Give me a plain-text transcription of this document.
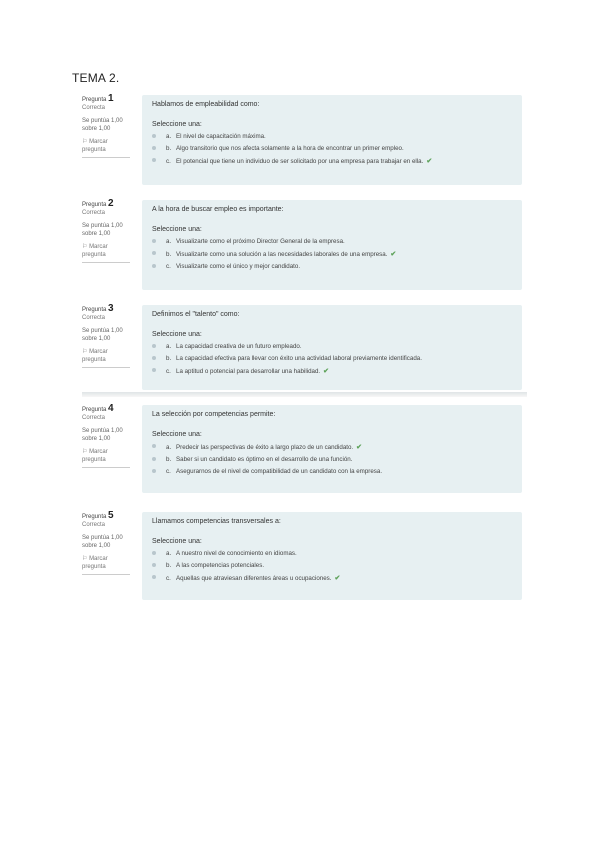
TEMA 2.
Pregunta 1
Correcta
Se puntúa 1,00 sobre 1,00
⚐ Marcar pregunta
Hablamos de empleabilidad como:
Seleccione una:
a. El nivel de capacitación máxima.
b. Algo transitorio que nos afecta solamente a la hora de encontrar un primer empleo.
c. El potencial que tiene un individuo de ser solicitado por una empresa para trabajar en ella. ✔
Pregunta 2
Correcta
Se puntúa 1,00 sobre 1,00
⚐ Marcar pregunta
A la hora de buscar empleo es importante:
Seleccione una:
a. Visualizarte como el próximo Director General de la empresa.
b. Visualizarte como una solución a las necesidades laborales de una empresa. ✔
c. Visualizarte como el único y mejor candidato.
Pregunta 3
Correcta
Se puntúa 1,00 sobre 1,00
⚐ Marcar pregunta
Definimos el "talento" como:
Seleccione una:
a. La capacidad creativa de un futuro empleado.
b. La capacidad efectiva para llevar con éxito una actividad laboral previamente identificada.
c. La aptitud o potencial para desarrollar una habilidad. ✔
Pregunta 4
Correcta
Se puntúa 1,00 sobre 1,00
⚐ Marcar pregunta
La selección por competencias permite:
Seleccione una:
a. Predecir las perspectivas de éxito a largo plazo de un candidato. ✔
b. Saber si un candidato es óptimo en el desarrollo de una función.
c. Asegurarnos de el nivel de compatibilidad de un candidato con la empresa.
Pregunta 5
Correcta
Se puntúa 1,00 sobre 1,00
⚐ Marcar pregunta
Llamamos competencias transversales a:
Seleccione una:
a. A nuestro nivel de conocimiento en idiomas.
b. A las competencias potenciales.
c. Aquellas que atraviesan diferentes áreas u ocupaciones. ✔
